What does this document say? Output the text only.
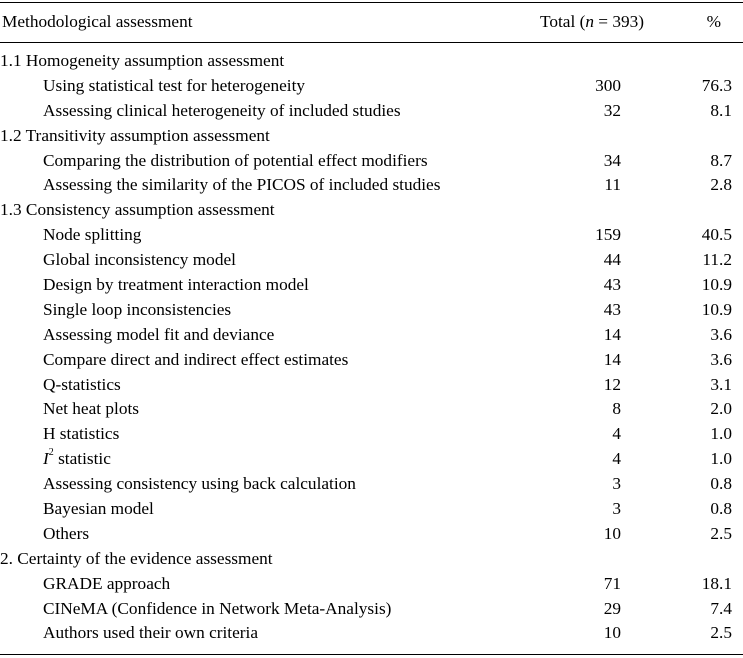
Methodological assessment	Total (n = 393)	%
1.1 Homogeneity assumption assessment
Using statistical test for heterogeneity	300	76.3
Assessing clinical heterogeneity of included studies	32	8.1
1.2 Transitivity assumption assessment
Comparing the distribution of potential effect modifiers	34	8.7
Assessing the similarity of the PICOS of included studies	11	2.8
1.3 Consistency assumption assessment
Node splitting	159	40.5
Global inconsistency model	44	11.2
Design by treatment interaction model	43	10.9
Single loop inconsistencies	43	10.9
Assessing model fit and deviance	14	3.6
Compare direct and indirect effect estimates	14	3.6
Q-statistics	12	3.1
Net heat plots	8	2.0
H statistics	4	1.0
$I^2$ statistic	4	1.0
Assessing consistency using back calculation	3	0.8
Bayesian model	3	0.8
Others	10	2.5
2. Certainty of the evidence assessment
GRADE approach	71	18.1
CINeMA (Confidence in Network Meta-Analysis)	29	7.4
Authors used their own criteria	10	2.5
